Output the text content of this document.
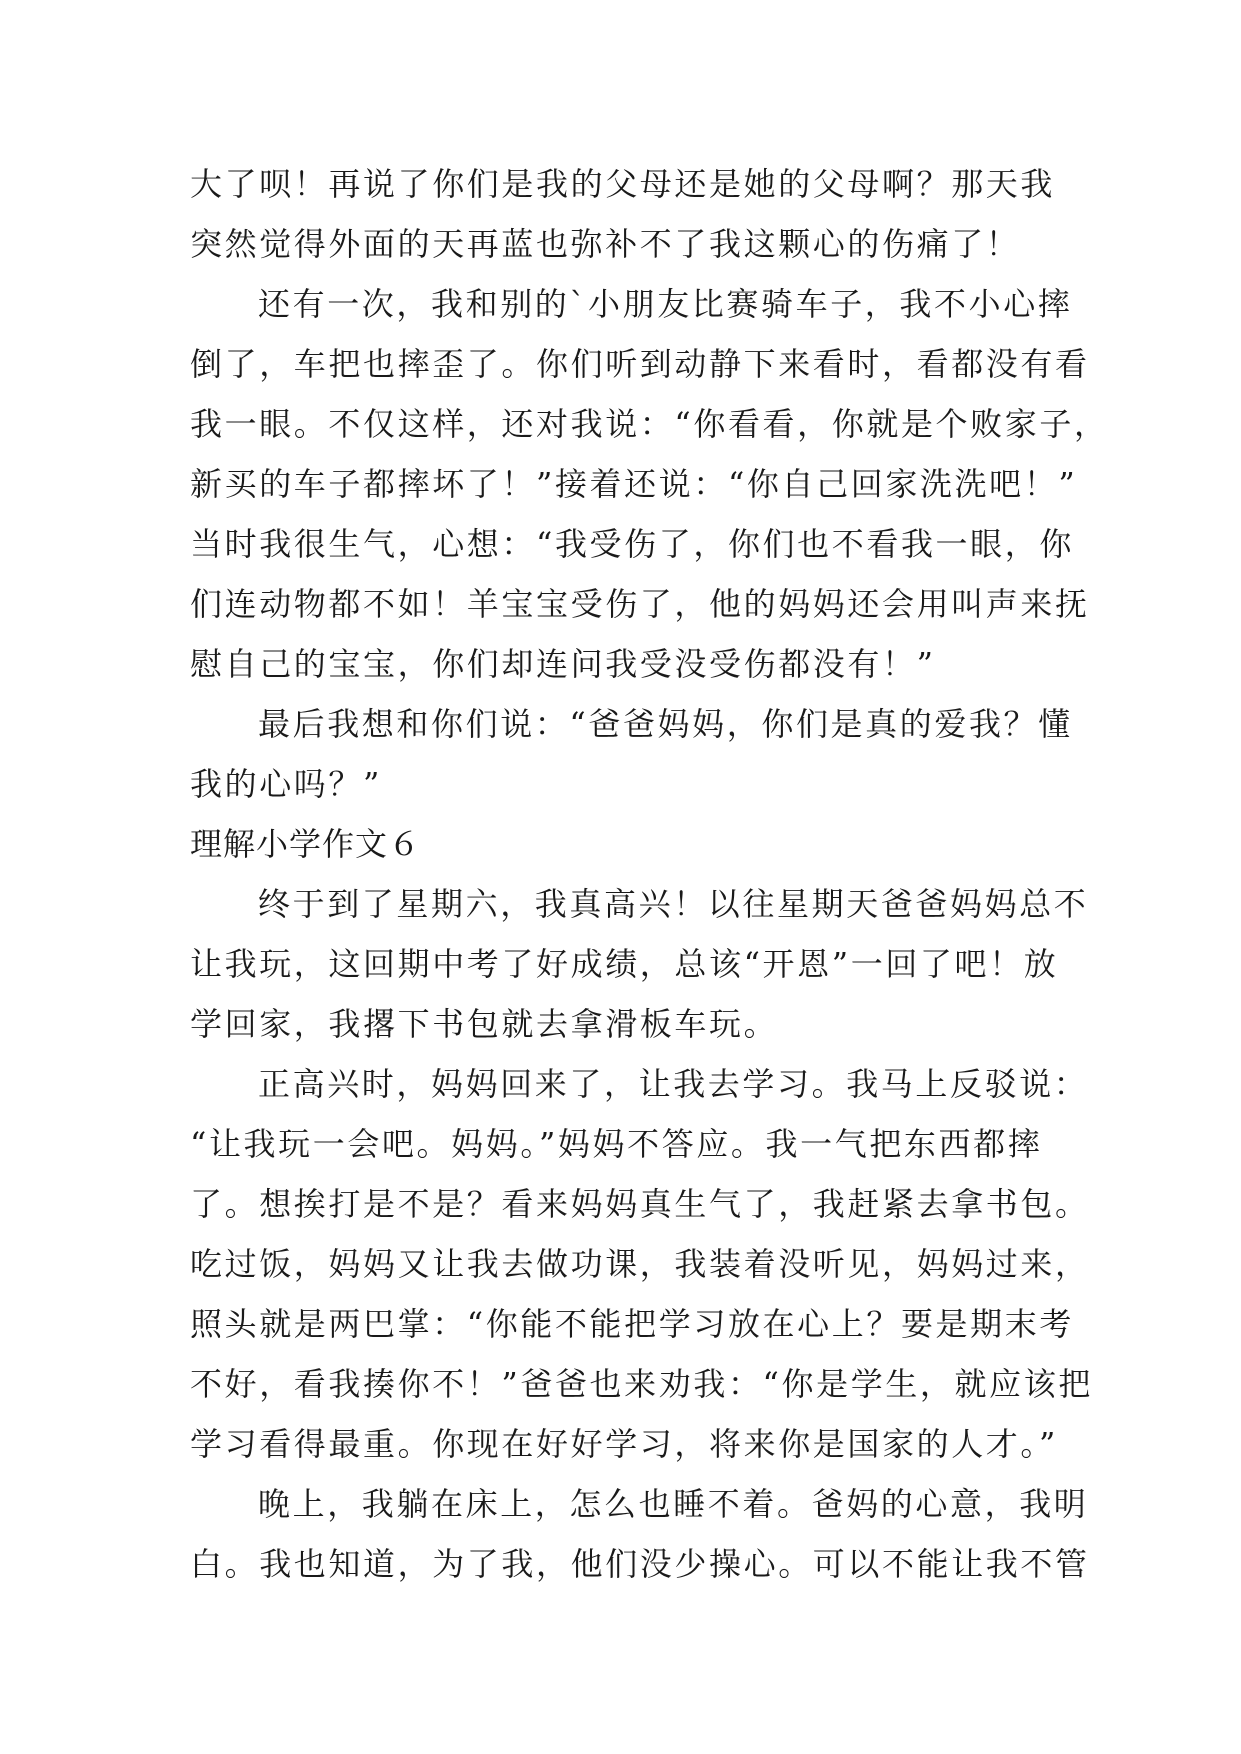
大了呗！再说了你们是我的父母还是她的父母啊？那天我
突然觉得外面的天再蓝也弥补不了我这颗心的伤痛了！
还有一次，我和别的`小朋友比赛骑车子，我不小心摔
倒了，车把也摔歪了。你们听到动静下来看时，看都没有看
我一眼。不仅这样，还对我说：“你看看，你就是个败家子，
新买的车子都摔坏了！”接着还说：“你自己回家洗洗吧！”
当时我很生气，心想：“我受伤了，你们也不看我一眼，你
们连动物都不如！羊宝宝受伤了，他的妈妈还会用叫声来抚
慰自己的宝宝，你们却连问我受没受伤都没有！”
最后我想和你们说：“爸爸妈妈，你们是真的爱我？懂
我的心吗？”
理解小学作文６
终于到了星期六，我真高兴！以往星期天爸爸妈妈总不
让我玩，这回期中考了好成绩，总该“开恩”一回了吧！放
学回家，我撂下书包就去拿滑板车玩。
正高兴时，妈妈回来了，让我去学习。我马上反驳说：
“让我玩一会吧。妈妈。”妈妈不答应。我一气把东西都摔
了。想挨打是不是？看来妈妈真生气了，我赶紧去拿书包。
吃过饭，妈妈又让我去做功课，我装着没听见，妈妈过来，
照头就是两巴掌：“你能不能把学习放在心上？要是期末考
不好，看我揍你不！”爸爸也来劝我：“你是学生，就应该把
学习看得最重。你现在好好学习，将来你是国家的人才。”
晚上，我躺在床上，怎么也睡不着。爸妈的心意，我明
白。我也知道，为了我，他们没少操心。可以不能让我不管
